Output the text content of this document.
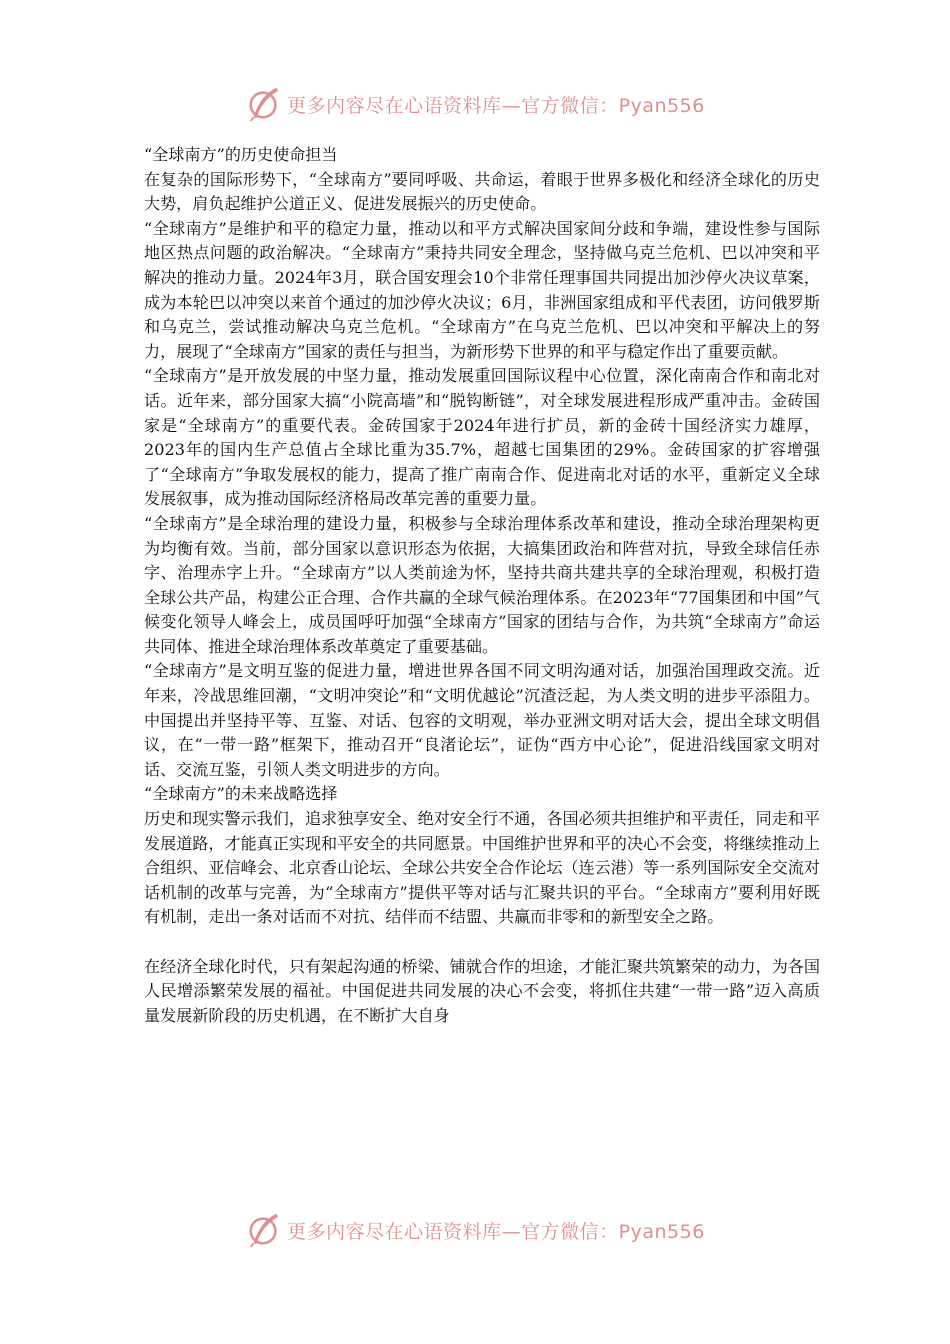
更多内容尽在心语资料库—官方微信：Pyan556

“全球南方”的历史使命担当

在复杂的国际形势下，“全球南方”要同呼吸、共命运，着眼于世界多极化和经济全球化的历史大势，肩负起维护公道正义、促进发展振兴的历史使命。

“全球南方”是维护和平的稳定力量，推动以和平方式解决国家间分歧和争端，建设性参与国际地区热点问题的政治解决。“全球南方”秉持共同安全理念，坚持做乌克兰危机、巴以冲突和平解决的推动力量。2024年3月，联合国安理会10个非常任理事国共同提出加沙停火决议草案，成为本轮巴以冲突以来首个通过的加沙停火决议；6月，非洲国家组成和平代表团，访问俄罗斯和乌克兰，尝试推动解决乌克兰危机。“全球南方”在乌克兰危机、巴以冲突和平解决上的努力，展现了“全球南方”国家的责任与担当，为新形势下世界的和平与稳定作出了重要贡献。

“全球南方”是开放发展的中坚力量，推动发展重回国际议程中心位置，深化南南合作和南北对话。近年来，部分国家大搞“小院高墙”和“脱钩断链”，对全球发展进程形成严重冲击。金砖国家是“全球南方”的重要代表。金砖国家于2024年进行扩员，新的金砖十国经济实力雄厚，2023年的国内生产总值占全球比重为35.7%，超越七国集团的29%。金砖国家的扩容增强了“全球南方”争取发展权的能力，提高了推广南南合作、促进南北对话的水平，重新定义全球发展叙事，成为推动国际经济格局改革完善的重要力量。

“全球南方”是全球治理的建设力量，积极参与全球治理体系改革和建设，推动全球治理架构更为均衡有效。当前，部分国家以意识形态为依据，大搞集团政治和阵营对抗，导致全球信任赤字、治理赤字上升。“全球南方”以人类前途为怀，坚持共商共建共享的全球治理观，积极打造全球公共产品，构建公正合理、合作共赢的全球气候治理体系。在2023年“77国集团和中国”气候变化领导人峰会上，成员国呼吁加强“全球南方”国家的团结与合作，为共筑“全球南方”命运共同体、推进全球治理体系改革奠定了重要基础。

“全球南方”是文明互鉴的促进力量，增进世界各国不同文明沟通对话，加强治国理政交流。近年来，冷战思维回潮，“文明冲突论”和“文明优越论”沉渣泛起，为人类文明的进步平添阻力。中国提出并坚持平等、互鉴、对话、包容的文明观，举办亚洲文明对话大会，提出全球文明倡议，在“一带一路”框架下，推动召开“良渚论坛”，证伪“西方中心论”，促进沿线国家文明对话、交流互鉴，引领人类文明进步的方向。

“全球南方”的未来战略选择

历史和现实警示我们，追求独享安全、绝对安全行不通，各国必须共担维护和平责任，同走和平发展道路，才能真正实现和平安全的共同愿景。中国维护世界和平的决心不会变，将继续推动上合组织、亚信峰会、北京香山论坛、全球公共安全合作论坛（连云港）等一系列国际安全交流对话机制的改革与完善，为“全球南方”提供平等对话与汇聚共识的平台。“全球南方”要利用好既有机制，走出一条对话而不对抗、结伴而不结盟、共赢而非零和的新型安全之路。

在经济全球化时代，只有架起沟通的桥梁、铺就合作的坦途，才能汇聚共筑繁荣的动力，为各国人民增添繁荣发展的福祉。中国促进共同发展的决心不会变，将抓住共建“一带一路”迈入高质量发展新阶段的历史机遇，在不断扩大自身

更多内容尽在心语资料库—官方微信：Pyan556
